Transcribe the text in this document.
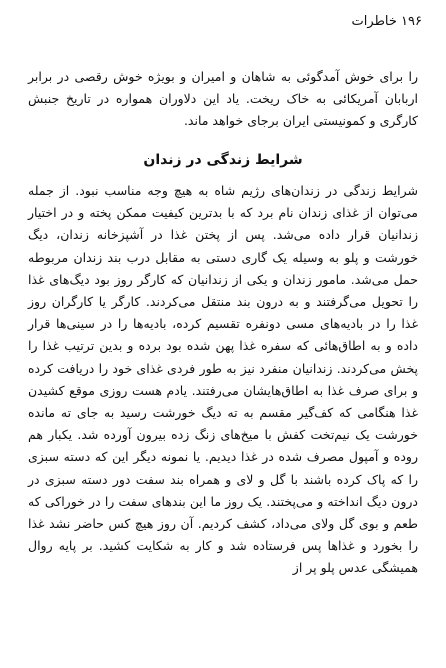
۱۹۶ خاطرات

را برای خوش آمدگوئی به شاهان و امیران و بویژه خوش رقصی در برابر اربابان آمریکائی به خاک ریخت. یاد این دلاوران همواره در تاریخ جنبش کارگری و کمونیستی ایران برجای خواهد ماند.

شرایط زندگی در زندان

شرایط زندگی در زندان‌های رژیم شاه به هیچ وجه مناسب نبود. از جمله می‌توان از غذای زندان نام برد که با بدترین کیفیت ممکن پخته و در اختیار زندانیان قرار داده می‌شد. پس از پختن غذا در آشپزخانه زندان، دیگ خورشت و پلو به وسیله یک گاری دستی به مقابل درب بند زندان مربوطه حمل می‌شد. مامور زندان و یکی از زندانیان که کارگر روز بود دیگ‌های غذا را تحویل می‌گرفتند و به درون بند منتقل می‌کردند. کارگر یا کارگران روز غذا را در بادیه‌های مسی دونفره تقسیم کرده، بادیه‌ها را در سینی‌ها قرار داده و به اطاق‌هائی که سفره غذا پهن شده بود برده و بدین ترتیب غذا را پخش می‌کردند. زندانیان منفرد نیز به طور فردی غذای خود را دریافت کرده و برای صرف غذا به اطاق‌هایشان می‌رفتند. یادم هست روزی موقع کشیدن غذا هنگامی که کف‌گیر مقسم به ته دیگ خورشت رسید به جای ته مانده خورشت یک نیم‌تخت کفش با میخ‌های زنگ زده بیرون آورده شد. یکبار هم روده و آمپول مصرف شده در غذا دیدیم. یا نمونه دیگر این که دسته سبزی را که پاک کرده باشند با گل و لای و همراه بند سفت دور دسته سبزی در درون دیگ انداخته و می‌پختند. یک روز ما این بندهای سفت را در خوراکی که طعم و بوی گل ولای می‌داد، کشف کردیم. آن روز هیچ کس حاضر نشد غذا را بخورد و غذاها پس فرستاده شد و کار به شکایت کشید. بر پایه روال همیشگی عدس پلو پر از
